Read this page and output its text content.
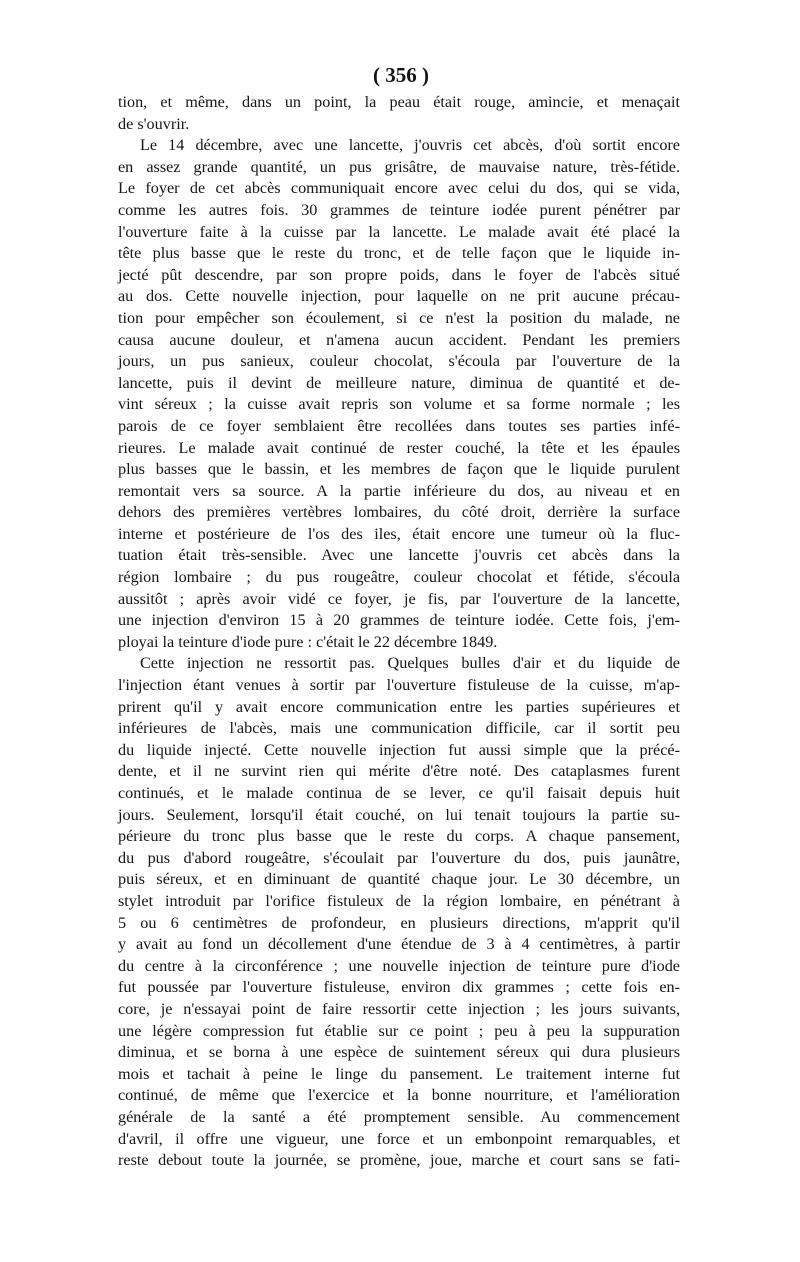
( 356 )
tion, et même, dans un point, la peau était rouge, amincie, et menaçait
de s'ouvrir.
Le 14 décembre, avec une lancette, j'ouvris cet abcès, d'où sortit encore
en assez grande quantité, un pus grisâtre, de mauvaise nature, très-fétide.
Le foyer de cet abcès communiquait encore avec celui du dos, qui se vida,
comme les autres fois. 30 grammes de teinture iodée purent pénétrer par
l'ouverture faite à la cuisse par la lancette. Le malade avait été placé la
tête plus basse que le reste du tronc, et de telle façon que le liquide in-
jecté pût descendre, par son propre poids, dans le foyer de l'abcès situé
au dos. Cette nouvelle injection, pour laquelle on ne prit aucune précau-
tion pour empêcher son écoulement, si ce n'est la position du malade, ne
causa aucune douleur, et n'amena aucun accident. Pendant les premiers
jours, un pus sanieux, couleur chocolat, s'écoula par l'ouverture de la
lancette, puis il devint de meilleure nature, diminua de quantité et de-
vint séreux ; la cuisse avait repris son volume et sa forme normale ; les
parois de ce foyer semblaient être recollées dans toutes ses parties infé-
rieures. Le malade avait continué de rester couché, la tête et les épaules
plus basses que le bassin, et les membres de façon que le liquide purulent
remontait vers sa source. A la partie inférieure du dos, au niveau et en
dehors des premières vertèbres lombaires, du côté droit, derrière la surface
interne et postérieure de l'os des iles, était encore une tumeur où la fluc-
tuation était très-sensible. Avec une lancette j'ouvris cet abcès dans la
région lombaire ; du pus rougeâtre, couleur chocolat et fétide, s'écoula
aussitôt ; après avoir vidé ce foyer, je fis, par l'ouverture de la lancette,
une injection d'environ 15 à 20 grammes de teinture iodée. Cette fois, j'em-
ployai la teinture d'iode pure : c'était le 22 décembre 1849.
Cette injection ne ressortit pas. Quelques bulles d'air et du liquide de
l'injection étant venues à sortir par l'ouverture fistuleuse de la cuisse, m'ap-
prirent qu'il y avait encore communication entre les parties supérieures et
inférieures de l'abcès, mais une communication difficile, car il sortit peu
du liquide injecté. Cette nouvelle injection fut aussi simple que la précé-
dente, et il ne survint rien qui mérite d'être noté. Des cataplasmes furent
continués, et le malade continua de se lever, ce qu'il faisait depuis huit
jours. Seulement, lorsqu'il était couché, on lui tenait toujours la partie su-
périeure du tronc plus basse que le reste du corps. A chaque pansement,
du pus d'abord rougeâtre, s'écoulait par l'ouverture du dos, puis jaunâtre,
puis séreux, et en diminuant de quantité chaque jour. Le 30 décembre, un
stylet introduit par l'orifice fistuleux de la région lombaire, en pénétrant à
5 ou 6 centimètres de profondeur, en plusieurs directions, m'apprit qu'il
y avait au fond un décollement d'une étendue de 3 à 4 centimètres, à partir
du centre à la circonférence ; une nouvelle injection de teinture pure d'iode
fut poussée par l'ouverture fistuleuse, environ dix grammes ; cette fois en-
core, je n'essayai point de faire ressortir cette injection ; les jours suivants,
une légère compression fut établie sur ce point ; peu à peu la suppuration
diminua, et se borna à une espèce de suintement séreux qui dura plusieurs
mois et tachait à peine le linge du pansement. Le traitement interne fut
continué, de même que l'exercice et la bonne nourriture, et l'amélioration
générale de la santé a été promptement sensible. Au commencement
d'avril, il offre une vigueur, une force et un embonpoint remarquables, et
reste debout toute la journée, se promène, joue, marche et court sans se fati-
